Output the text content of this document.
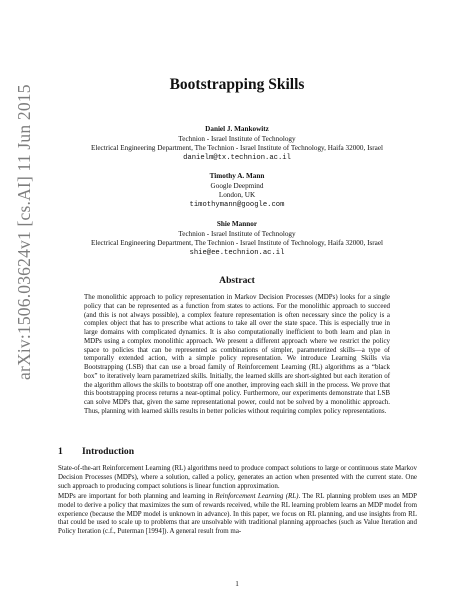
arXiv:1506.03624v1 [cs.AI] 11 Jun 2015	Bootstrapping Skills
Daniel J. Mankowitz
Technion - Israel Institute of Technology
Electrical Engineering Department, The Technion - Israel Institute of Technology, Haifa 32000, Israel
danielm@tx.technion.ac.il
Timothy A. Mann
Google Deepmind
London, UK
timothymann@google.com
Shie Mannor
Technion - Israel Institute of Technology
Electrical Engineering Department, The Technion - Israel Institute of Technology, Haifa 32000, Israel
shie@ee.technion.ac.il
Abstract
The monolithic approach to policy representation in Markov Decision Processes (MDPs) looks for a single policy that can be represented as a function from states to actions. For the monolithic approach to succeed (and this is not always possible), a complex feature representation is often necessary since the policy is a complex object that has to prescribe what actions to take all over the state space. This is especially true in large domains with complicated dynamics. It is also computationally inefficient to both learn and plan in MDPs using a complex monolithic approach. We present a different approach where we restrict the policy space to policies that can be represented as combinations of simpler, parameterized skills—a type of temporally extended action, with a simple policy representation. We introduce Learning Skills via Bootstrapping (LSB) that can use a broad family of Reinforcement Learning (RL) algorithms as a “black box” to iteratively learn parametrized skills. Initially, the learned skills are short-sighted but each iteration of the algorithm allows the skills to bootstrap off one another, improving each skill in the process. We prove that this bootstrapping process returns a near-optimal policy. Furthermore, our experiments demonstrate that LSB can solve MDPs that, given the same representational power, could not be solved by a monolithic approach. Thus, planning with learned skills results in better policies without requiring complex policy representations.
1 Introduction
State-of-the-art Reinforcement Learning (RL) algorithms need to produce compact solutions to large or continuous state Markov Decision Processes (MDPs), where a solution, called a policy, generates an action when presented with the current state. One such approach to producing compact solutions is linear function approximation.
MDPs are important for both planning and learning in Reinforcement Learning (RL). The RL planning problem uses an MDP model to derive a policy that maximizes the sum of rewards received, while the RL learning problem learns an MDP model from experience (because the MDP model is unknown in advance). In this paper, we focus on RL planning, and use insights from RL that could be used to scale up to problems that are unsolvable with traditional planning approaches (such as Value Iteration and Policy Iteration (c.f., Puterman [1994]). A general result from ma-
1
